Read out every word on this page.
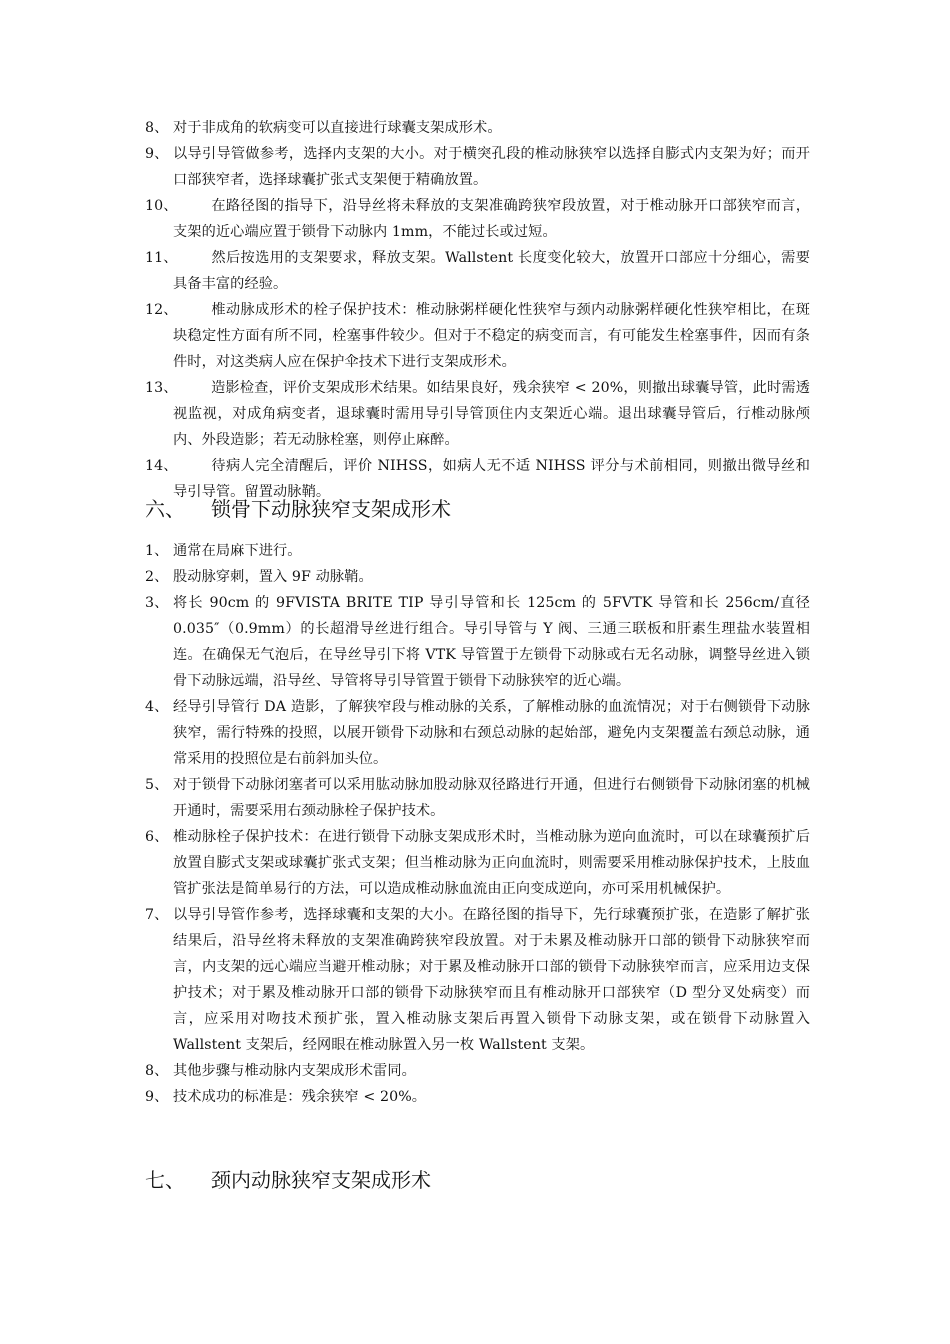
8、 对于非成角的软病变可以直接进行球囊支架成形术。

9、 以导引导管做参考，选择内支架的大小。对于横突孔段的椎动脉狭窄以选择自膨式内支架为好；而开口部狭窄者，选择球囊扩张式支架便于精确放置。

10、	在路径图的指导下，沿导丝将未释放的支架准确跨狭窄段放置，对于椎动脉开口部狭窄而言，支架的近心端应置于锁骨下动脉内 1mm，不能过长或过短。

11、	然后按选用的支架要求，释放支架。Wallstent 长度变化较大，放置开口部应十分细心，需要具备丰富的经验。

12、	椎动脉成形术的栓子保护技术：椎动脉粥样硬化性狭窄与颈内动脉粥样硬化性狭窄相比，在斑块稳定性方面有所不同，栓塞事件较少。但对于不稳定的病变而言，有可能发生栓塞事件，因而有条件时，对这类病人应在保护伞技术下进行支架成形术。

13、	造影检查，评价支架成形术结果。如结果良好，残余狭窄 < 20%，则撤出球囊导管，此时需透视监视，对成角病变者，退球囊时需用导引导管顶住内支架近心端。退出球囊导管后，行椎动脉颅内、外段造影；若无动脉栓塞，则停止麻醉。

14、	待病人完全清醒后，评价 NIHSS，如病人无不适 NIHSS 评分与术前相同，则撤出微导丝和导引导管。留置动脉鞘。

六、	锁骨下动脉狭窄支架成形术
1、 通常在局麻下进行。

2、 股动脉穿刺，置入 9F 动脉鞘。

3、 将长 90cm 的 9FVISTA BRITE TIP 导引导管和长 125cm 的 5FVTK 导管和长 256cm/直径 0.035″（0.9mm）的长超滑导丝进行组合。导引导管与 Y 阀、三通三联板和肝素生理盐水装置相连。在确保无气泡后，在导丝导引下将 VTK 导管置于左锁骨下动脉或右无名动脉，调整导丝进入锁骨下动脉远端，沿导丝、导管将导引导管置于锁骨下动脉狭窄的近心端。

4、 经导引导管行 DA 造影，了解狭窄段与椎动脉的关系，了解椎动脉的血流情况；对于右侧锁骨下动脉狭窄，需行特殊的投照，以展开锁骨下动脉和右颈总动脉的起始部，避免内支架覆盖右颈总动脉，通常采用的投照位是右前斜加头位。

5、 对于锁骨下动脉闭塞者可以采用肱动脉加股动脉双径路进行开通，但进行右侧锁骨下动脉闭塞的机械开通时，需要采用右颈动脉栓子保护技术。

6、 椎动脉栓子保护技术：在进行锁骨下动脉支架成形术时，当椎动脉为逆向血流时，可以在球囊预扩后放置自膨式支架或球囊扩张式支架；但当椎动脉为正向血流时，则需要采用椎动脉保护技术，上肢血管扩张法是简单易行的方法，可以造成椎动脉血流由正向变成逆向，亦可采用机械保护。

7、 以导引导管作参考，选择球囊和支架的大小。在路径图的指导下，先行球囊预扩张，在造影了解扩张结果后，沿导丝将未释放的支架准确跨狭窄段放置。对于未累及椎动脉开口部的锁骨下动脉狭窄而言，内支架的远心端应当避开椎动脉；对于累及椎动脉开口部的锁骨下动脉狭窄而言，应采用边支保护技术；对于累及椎动脉开口部的锁骨下动脉狭窄而且有椎动脉开口部狭窄（D 型分叉处病变）而言，应采用对吻技术预扩张，置入椎动脉支架后再置入锁骨下动脉支架，或在锁骨下动脉置入 Wallstent 支架后，经网眼在椎动脉置入另一枚 Wallstent 支架。

8、 其他步骤与椎动脉内支架成形术雷同。

9、 技术成功的标准是：残余狭窄 < 20%。

七、	颈内动脉狭窄支架成形术
